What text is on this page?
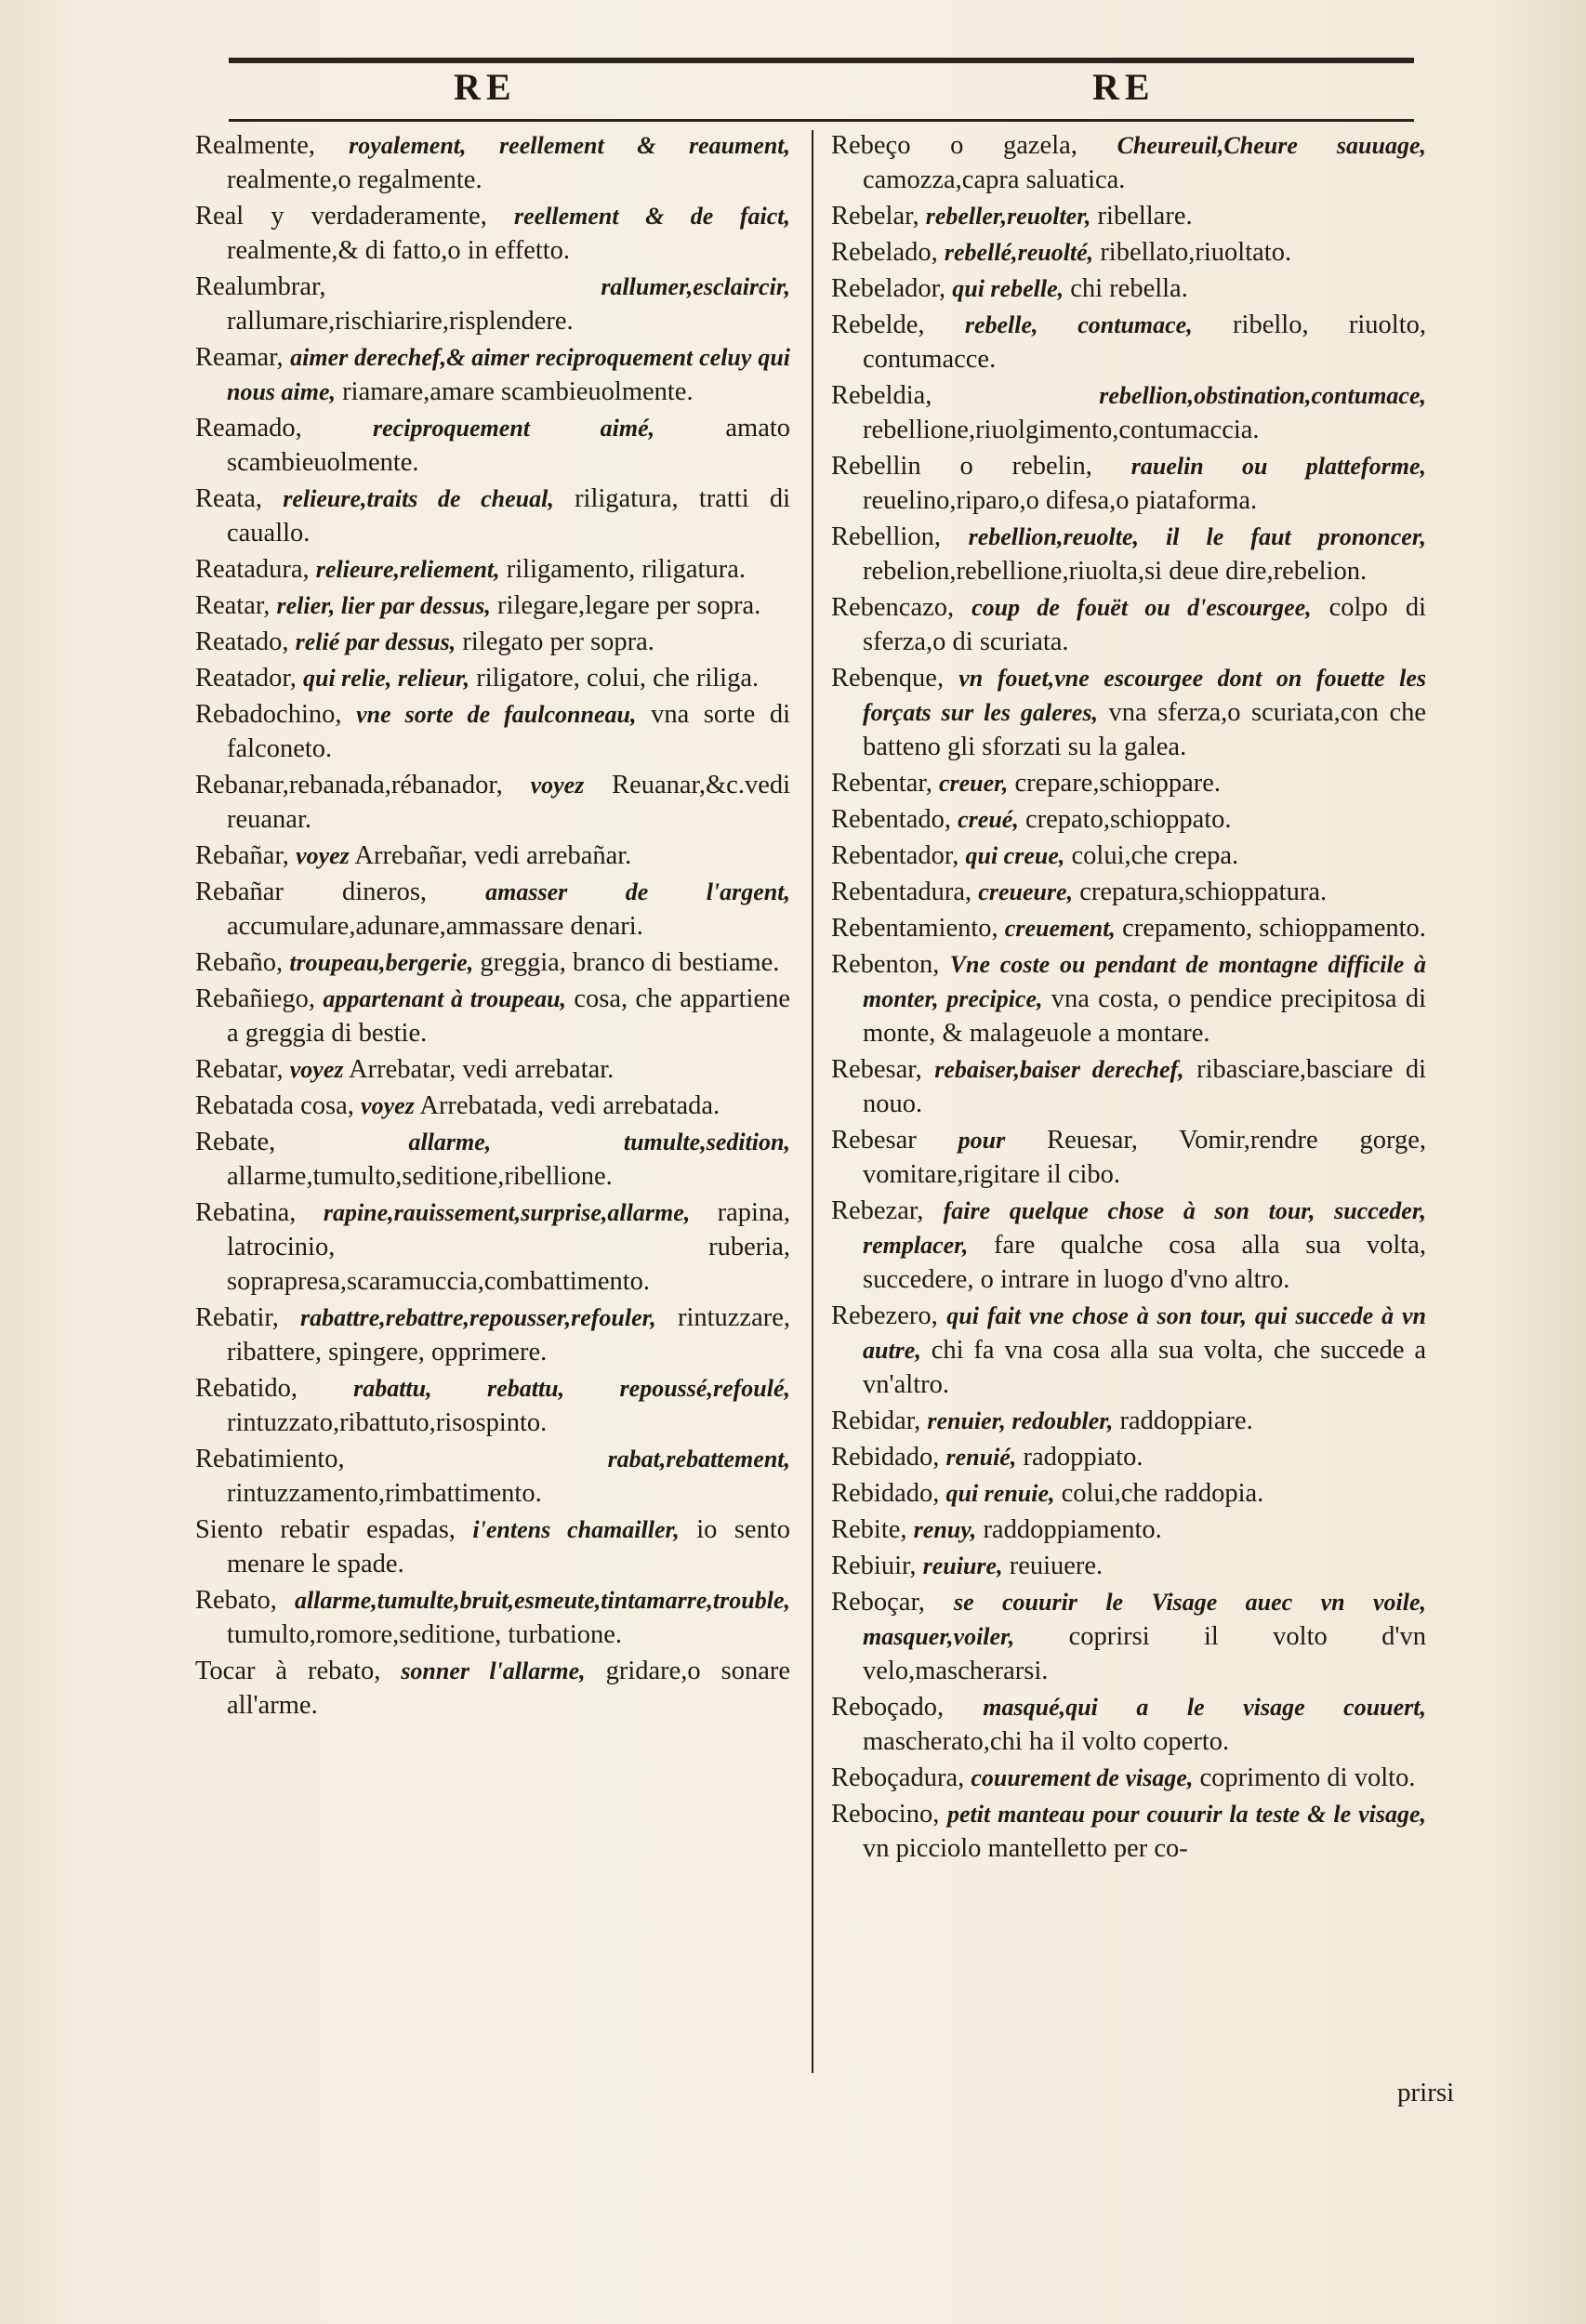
RE	RE
Realmente, royalement, reellement & reaument, realmente,o regalmente.
Real y verdaderamente, reellement & de faict, realmente,& di fatto,o in effetto.
Realumbrar,	rallumer,esclaircir, rallumare,rischiarire,risplendere.
Reamar, aimer derechef,& aimer reciproquement celuy qui nous aime, riamare,amare scambieuolmente.
Reamado,	reciproquement aimé,	amato scambieuolmente.
Reata, relieure,traits de cheual, riligatura, tratti di cauallo.
Reatadura, relieure,reliement, riligamento, riligatura.
Reatar, relier, lier par dessus, rilegare,legare per sopra.
Reatado, relié par dessus, rilegato per sopra.
Reatador, qui relie, relieur, riligatore, colui, che riliga.
Rebadochino, vne sorte de faulconneau, vna sorte di falconeto.
Rebanar,rebanada,rébanador, voyez Reuanar,&c.vedi reuanar.
Rebañar, voyez Arrebañar, vedi arrebañar.
Rebañar dineros, amasser de l'argent, accumulare,adunare,ammassare denari.
Rebaño, troupeau,bergerie, greggia, branco di bestiame.
Rebañiego, appartenant à troupeau, cosa, che appartiene a greggia di bestie.
Rebatar, voyez Arrebatar, vedi arrebatar.
Rebatada cosa, voyez Arrebatada, vedi arrebatada.
Rebate,	allarme, tumulte,sedition, allarme,tumulto,seditione,ribellione.
Rebatina, rapine,rauissement,surprise,allarme, rapina, latrocinio, ruberia, soprapresa,scaramuccia,combattimento.
Rebatir, rabattre,rebattre,repousser,refouler, rintuzzare, ribattere, spingere, opprimere.
Rebatido, rabattu, rebattu, repoussé,refoulé, rintuzzato,ribattuto,risospinto.
Rebatimiento,	rabat,rebattement, rintuzzamento,rimbattimento.
Siento rebatir espadas, i'entens chamailler, io sento menare le spade.
Rebato, allarme,tumulte,bruit,esmeute,tintamarre,trouble, tumulto,romore,seditione, turbatione.
Tocar à rebato, sonner l'allarme, gridare,o sonare all'arme.
Rebeço o gazela, Cheureuil,Cheure sauuage, camozza,capra saluatica.
Rebelar, rebeller,reuolter, ribellare.
Rebelado, rebellé,reuolté, ribellato,riuoltato.
Rebelador, qui rebelle, chi rebella.
Rebelde, rebelle, contumace, ribello, riuolto, contumacce.
Rebeldia,	rebellion,obstination,contumace, rebellione,riuolgimento,contumaccia.
Rebellin o rebelin, rauelin ou platteforme, reuelino,riparo,o difesa,o piataforma.
Rebellion, rebellion,reuolte, il le faut prononcer, rebelion,rebellione,riuolta,si deue dire,rebelion.
Rebencazo, coup de fouët ou d'escourgee, colpo di sferza,o di scuriata.
Rebenque, vn fouet,vne escourgee dont on fouette les forçats sur les galeres, vna sferza,o scuriata,con che batteno gli sforzati su la galea.
Rebentar, creuer, crepare,schioppare.
Rebentado, creué, crepato,schioppato.
Rebentador, qui creue, colui,che crepa.
Rebentadura, creueure, crepatura,schioppatura.
Rebentamiento, creuement, crepamento, schioppamento.
Rebenton, Vne coste ou pendant de montagne difficile à monter, precipice, vna costa, o pendice precipitosa di monte, & malageuole a montare.
Rebesar, rebaiser,baiser derechef, ribasciare,basciare di nouo.
Rebesar pour Reuesar, Vomir,rendre gorge, vomitare,rigitare il cibo.
Rebezar, faire quelque chose à son tour, succeder, remplacer, fare qualche cosa alla sua volta, succedere, o intrare in luogo d'vno altro.
Rebezero, qui fait vne chose à son tour, qui succede à vn autre, chi fa vna cosa alla sua volta, che succede a vn'altro.
Rebidar, renuier, redoubler, raddoppiare.
Rebidado, renuié, radoppiato.
Rebidado, qui renuie, colui,che raddopia.
Rebite, renuy, raddoppiamento.
Rebiuir, reuiure, reuiuere.
Reboçar, se couurir le Visage auec vn voile, masquer,voiler, coprirsi il volto d'vn velo,mascherarsi.
Reboçado, masqué,qui a le visage couuert, mascherato,chi ha il volto coperto.
Reboçadura, couurement de visage, coprimento di volto.
Rebocino, petit manteau pour couurir la teste & le visage, vn picciolo mantelletto per co-
prirsi
